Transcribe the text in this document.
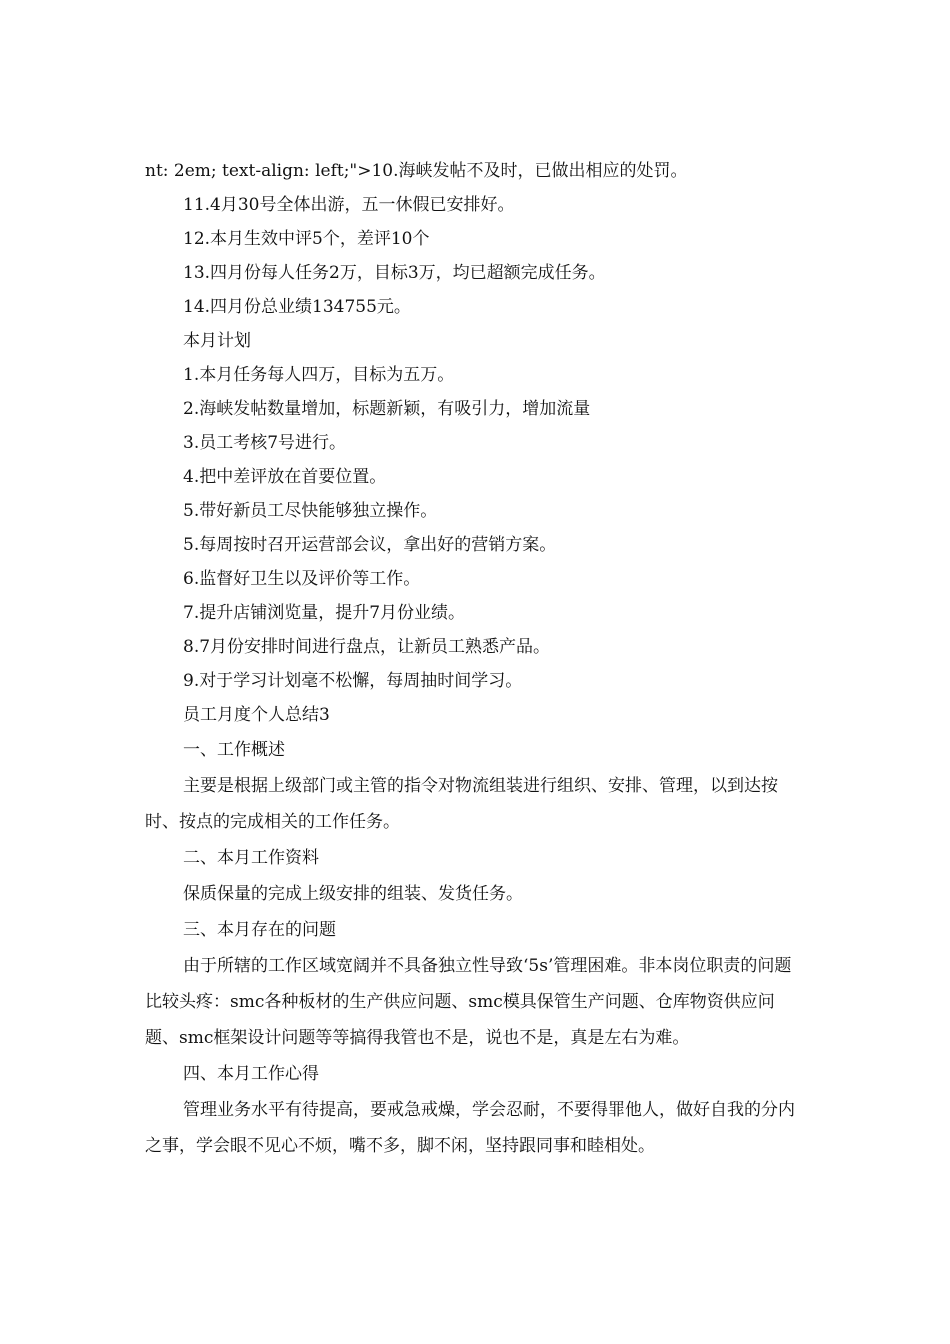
nt: 2em; text-align: left;">10.海峡发帖不及时，已做出相应的处罚。

11.4月30号全体出游，五一休假已安排好。

12.本月生效中评5个，差评10个

13.四月份每人任务2万，目标3万，均已超额完成任务。

14.四月份总业绩134755元。

本月计划

1.本月任务每人四万，目标为五万。

2.海峡发帖数量增加，标题新颖，有吸引力，增加流量

3.员工考核7号进行。

4.把中差评放在首要位置。

5.带好新员工尽快能够独立操作。

5.每周按时召开运营部会议，拿出好的营销方案。

6.监督好卫生以及评价等工作。

7.提升店铺浏览量，提升7月份业绩。

8.7月份安排时间进行盘点，让新员工熟悉产品。

9.对于学习计划毫不松懈，每周抽时间学习。

员工月度个人总结3

一、工作概述

主要是根据上级部门或主管的指令对物流组装进行组织、安排、管理，以到达按时、按点的完成相关的工作任务。

二、本月工作资料

保质保量的完成上级安排的组装、发货任务。

三、本月存在的问题

由于所辖的工作区域宽阔并不具备独立性导致‘5s’管理困难。非本岗位职责的问题比较头疼：smc各种板材的生产供应问题、smc模具保管生产问题、仓库物资供应问题、smc框架设计问题等等搞得我管也不是，说也不是，真是左右为难。

四、本月工作心得

管理业务水平有待提高，要戒急戒燥，学会忍耐，不要得罪他人，做好自我的分内之事，学会眼不见心不烦，嘴不多，脚不闲，坚持跟同事和睦相处。
